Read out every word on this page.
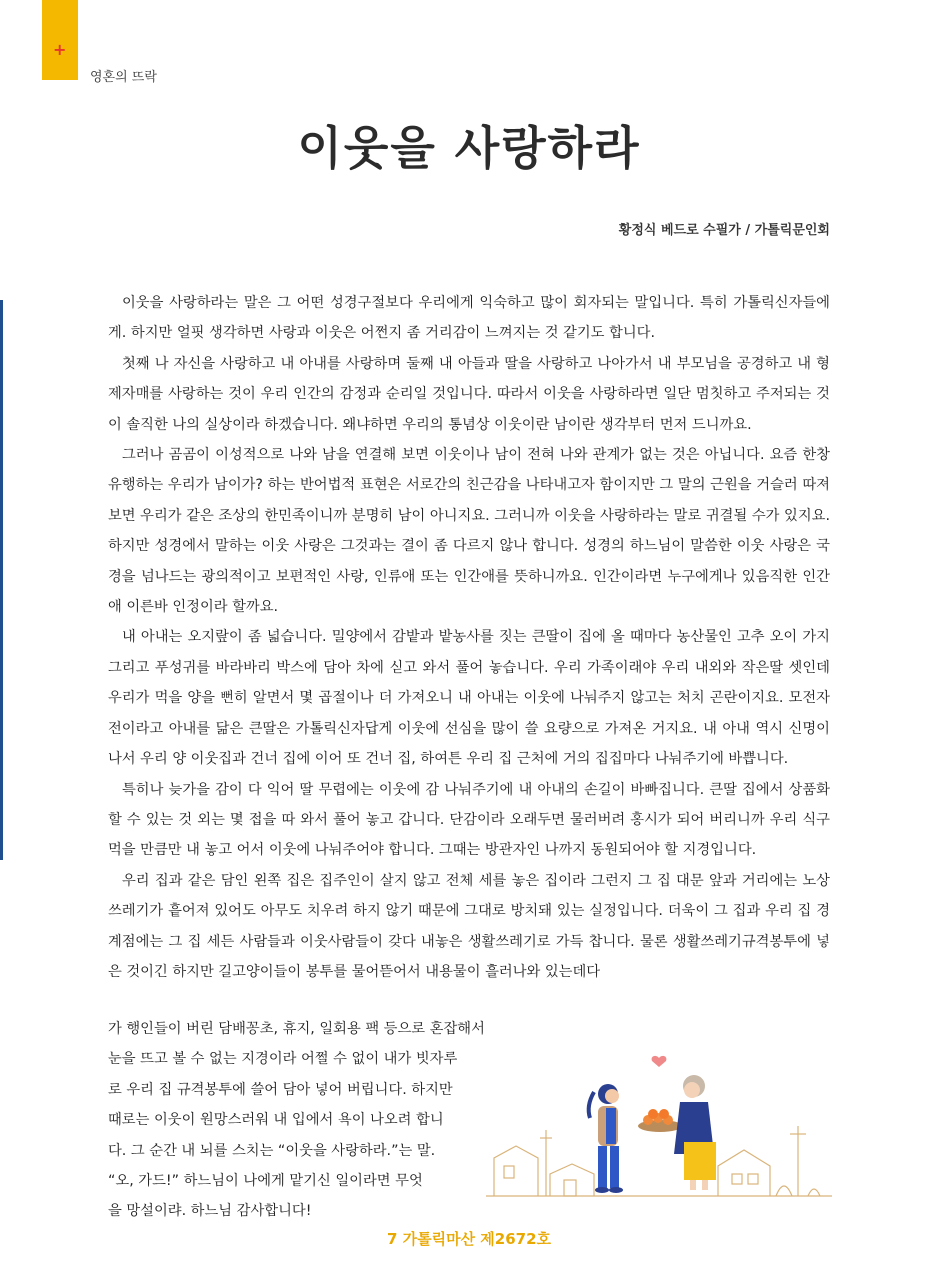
+
영혼의 뜨락
이웃을 사랑하라
황정식 베드로 수필가 / 가톨릭문인회

이웃을 사랑하라는 말은 그 어떤 성경구절보다 우리에게 익숙하고 많이 회자되는 말입니다. 특히 가톨릭신자들에게. 하지만 얼핏 생각하면 사랑과 이웃은 어쩐지 좀 거리감이 느껴지는 것 같기도 합니다.

첫째 나 자신을 사랑하고 내 아내를 사랑하며 둘째 내 아들과 딸을 사랑하고 나아가서 내 부모님을 공경하고 내 형제자매를 사랑하는 것이 우리 인간의 감정과 순리일 것입니다. 따라서 이웃을 사랑하라면 일단 멈칫하고 주저되는 것이 솔직한 나의 실상이라 하겠습니다. 왜냐하면 우리의 통념상 이웃이란 남이란 생각부터 먼저 드니까요.

그러나 곰곰이 이성적으로 나와 남을 연결해 보면 이웃이나 남이 전혀 나와 관계가 없는 것은 아닙니다. 요즘 한창 유행하는 우리가 남이가? 하는 반어법적 표현은 서로간의 친근감을 나타내고자 함이지만 그 말의 근원을 거슬러 따져보면 우리가 같은 조상의 한민족이니까 분명히 남이 아니지요. 그러니까 이웃을 사랑하라는 말로 귀결될 수가 있지요. 하지만 성경에서 말하는 이웃 사랑은 그것과는 결이 좀 다르지 않나 합니다. 성경의 하느님이 말씀한 이웃 사랑은 국경을 넘나드는 광의적이고 보편적인 사랑, 인류애 또는 인간애를 뜻하니까요. 인간이라면 누구에게나 있음직한 인간애 이른바 인정이라 할까요.

내 아내는 오지랖이 좀 넓습니다. 밀양에서 감밭과 밭농사를 짓는 큰딸이 집에 올 때마다 농산물인 고추 오이 가지 그리고 푸성귀를 바라바리 박스에 담아 차에 싣고 와서 풀어 놓습니다. 우리 가족이래야 우리 내외와 작은딸 셋인데 우리가 먹을 양을 뻔히 알면서 몇 곱절이나 더 가져오니 내 아내는 이웃에 나눠주지 않고는 처치 곤란이지요. 모전자전이라고 아내를 닮은 큰딸은 가톨릭신자답게 이웃에 선심을 많이 쓸 요량으로 가져온 거지요. 내 아내 역시 신명이 나서 우리 양 이웃집과 건너 집에 이어 또 건너 집, 하여튼 우리 집 근처에 거의 집집마다 나눠주기에 바쁩니다.

특히나 늦가을 감이 다 익어 딸 무렵에는 이웃에 감 나눠주기에 내 아내의 손길이 바빠집니다. 큰딸 집에서 상품화할 수 있는 것 외는 몇 접을 따 와서 풀어 놓고 갑니다. 단감이라 오래두면 물러버려 홍시가 되어 버리니까 우리 식구 먹을 만큼만 내 놓고 어서 이웃에 나눠주어야 합니다. 그때는 방관자인 나까지 동원되어야 할 지경입니다.

우리 집과 같은 담인 왼쪽 집은 집주인이 살지 않고 전체 세를 놓은 집이라 그런지 그 집 대문 앞과 거리에는 노상 쓰레기가 흩어져 있어도 아무도 치우려 하지 않기 때문에 그대로 방치돼 있는 실정입니다. 더욱이 그 집과 우리 집 경계점에는 그 집 세든 사람들과 이웃사람들이 갖다 내놓은 생활쓰레기로 가득 찹니다. 물론 생활쓰레기규격봉투에 넣은 것이긴 하지만 길고양이들이 봉투를 물어뜯어서 내용물이 흘러나와 있는데다

가 행인들이 버린 담배꽁초, 휴지, 일회용 팩 등으로 혼잡해서
눈을 뜨고 볼 수 없는 지경이라 어쩔 수 없이 내가 빗자루
로 우리 집 규격봉투에 쓸어 담아 넣어 버립니다. 하지만
때로는 이웃이 원망스러워 내 입에서 욕이 나오려 합니
다. 그 순간 내 뇌를 스치는 “이웃을 사랑하라.”는 말.
“오, 가드!” 하느님이 나에게 맡기신 일이라면 무엇
을 망설이랴. 하느님 감사합니다!
7 가톨릭마산 제2672호
